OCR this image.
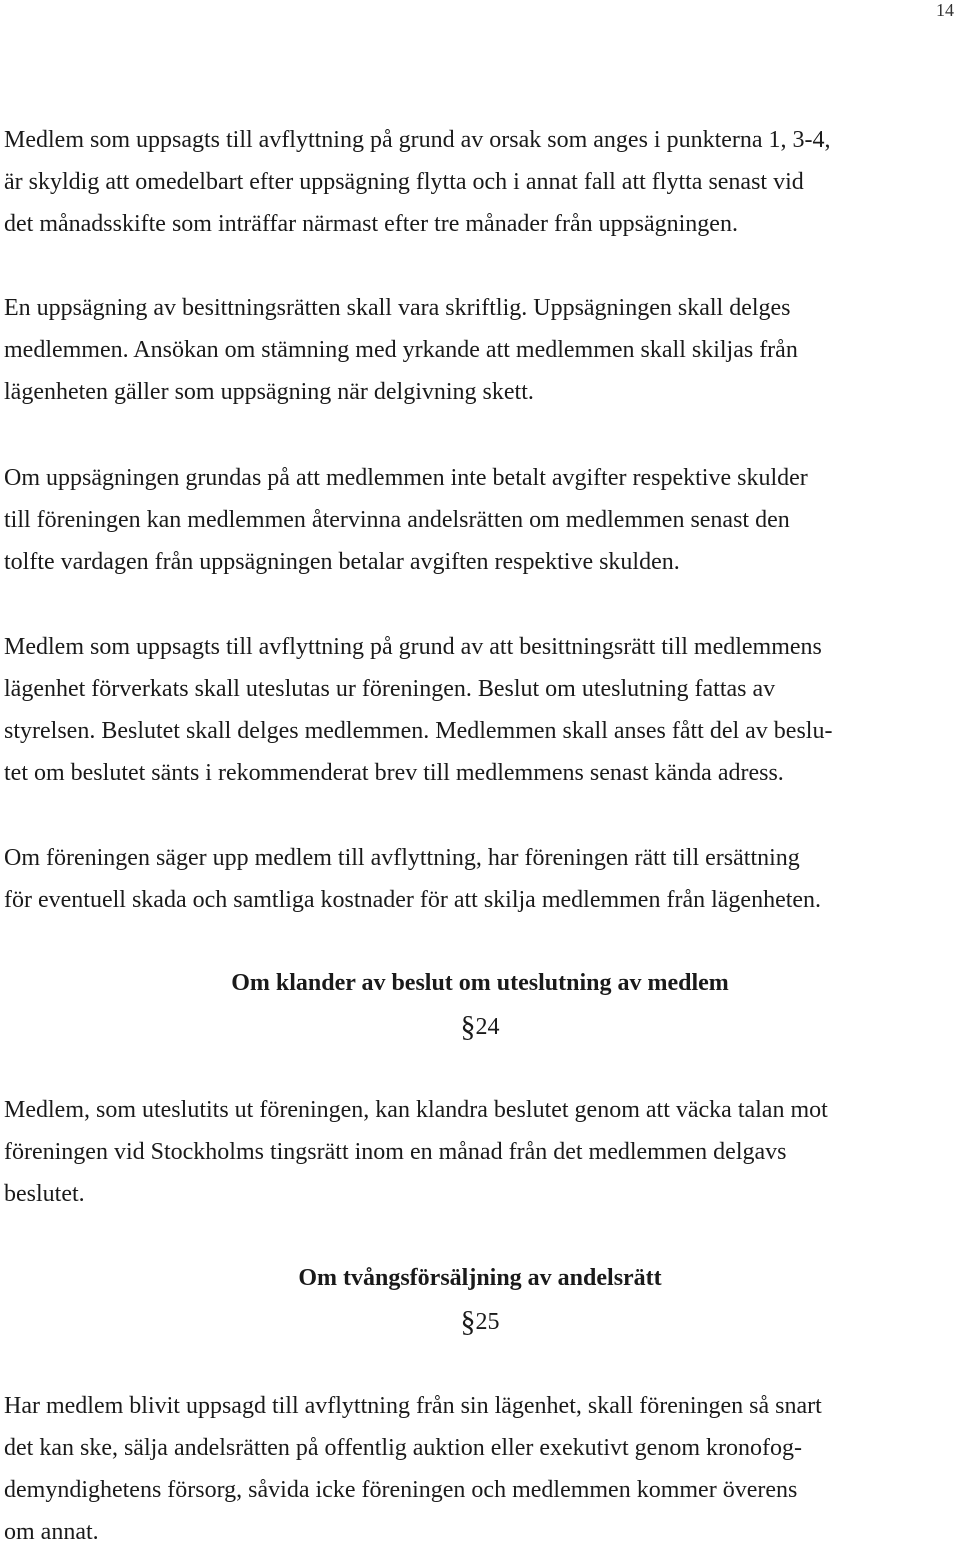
14

Medlem som uppsagts till avflyttning på grund av orsak som anges i punkterna 1, 3-4,
är skyldig att omedelbart efter uppsägning flytta och i annat fall att flytta senast vid
det månadsskifte som inträffar närmast efter tre månader från uppsägningen.

En uppsägning av besittningsrätten skall vara skriftlig. Uppsägningen skall delges
medlemmen. Ansökan om stämning med yrkande att medlemmen skall skiljas från
lägenheten gäller som uppsägning när delgivning skett.

Om uppsägningen grundas på att medlemmen inte betalt avgifter respektive skulder
till föreningen kan medlemmen återvinna andelsrätten om medlemmen senast den
tolfte vardagen från uppsägningen betalar avgiften respektive skulden.

Medlem som uppsagts till avflyttning på grund av att besittningsrätt till medlemmens
lägenhet förverkats skall uteslutas ur föreningen. Beslut om uteslutning fattas av
styrelsen. Beslutet skall delges medlemmen. Medlemmen skall anses fått del av beslu-
tet om beslutet sänts i rekommenderat brev till medlemmens senast kända adress.

Om föreningen säger upp medlem till avflyttning, har föreningen rätt till ersättning
för eventuell skada och samtliga kostnader för att skilja medlemmen från lägenheten.

Om klander av beslut om uteslutning av medlem
§24

Medlem, som uteslutits ut föreningen, kan klandra beslutet genom att väcka talan mot
föreningen vid Stockholms tingsrätt inom en månad från det medlemmen delgavs
beslutet.

Om tvångsförsäljning av andelsrätt
§25

Har medlem blivit uppsagd till avflyttning från sin lägenhet, skall föreningen så snart
det kan ske, sälja andelsrätten på offentlig auktion eller exekutivt genom kronofog-
demyndighetens försorg, såvida icke föreningen och medlemmen kommer överens
om annat.
